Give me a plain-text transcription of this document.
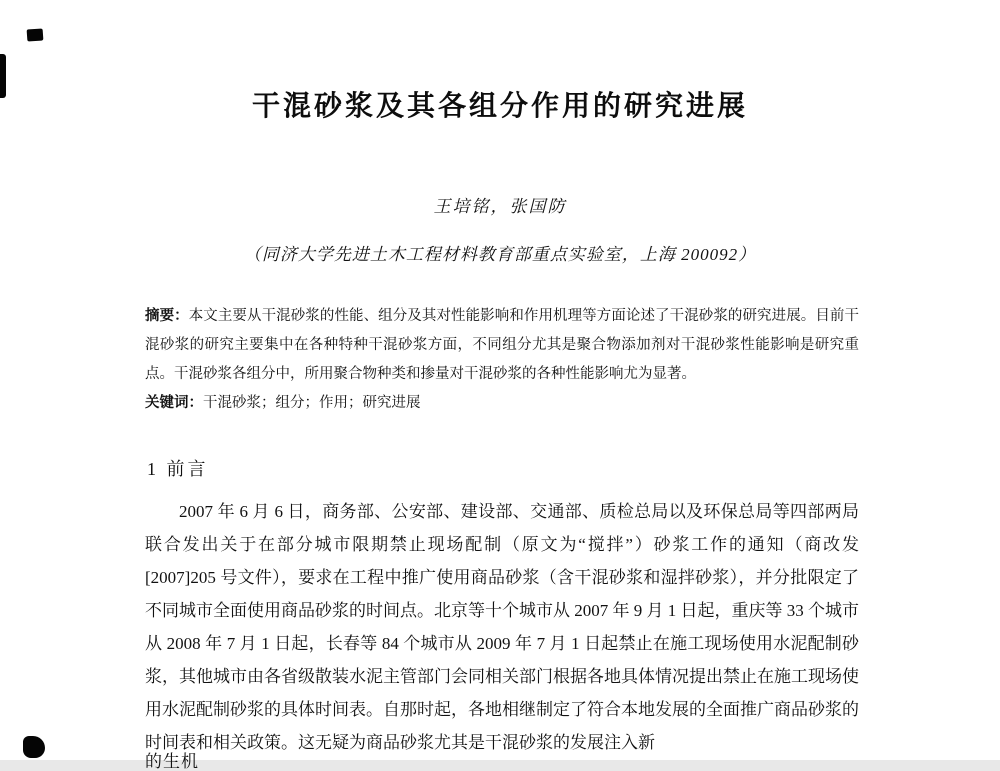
干混砂浆及其各组分作用的研究进展
王培铭，张国防
（同济大学先进土木工程材料教育部重点实验室，上海 200092）

摘要：本文主要从干混砂浆的性能、组分及其对性能影响和作用机理等方面论述了干混砂浆的研究进展。目前干混砂浆的研究主要集中在各种特种干混砂浆方面，不同组分尤其是聚合物添加剂对干混砂浆性能影响是研究重点。干混砂浆各组分中，所用聚合物种类和掺量对干混砂浆的各种性能影响尤为显著。

关键词：干混砂浆；组分；作用；研究进展

1 前言
2007 年 6 月 6 日，商务部、公安部、建设部、交通部、质检总局以及环保总局等四部两局联合发出关于在部分城市限期禁止现场配制（原文为“搅拌”）砂浆工作的通知（商改发[2007]205 号文件），要求在工程中推广使用商品砂浆（含干混砂浆和湿拌砂浆），并分批限定了不同城市全面使用商品砂浆的时间点。北京等十个城市从 2007 年 9 月 1 日起，重庆等 33 个城市从 2008 年 7 月 1 日起，长春等 84 个城市从 2009 年 7 月 1 日起禁止在施工现场使用水泥配制砂浆，其他城市由各省级散装水泥主管部门会同相关部门根据各地具体情况提出禁止在施工现场使用水泥配制砂浆的具体时间表。自那时起，各地相继制定了符合本地发展的全面推广商品砂浆的时间表和相关政策。这无疑为商品砂浆尤其是干混砂浆的发展注入新
的生机
